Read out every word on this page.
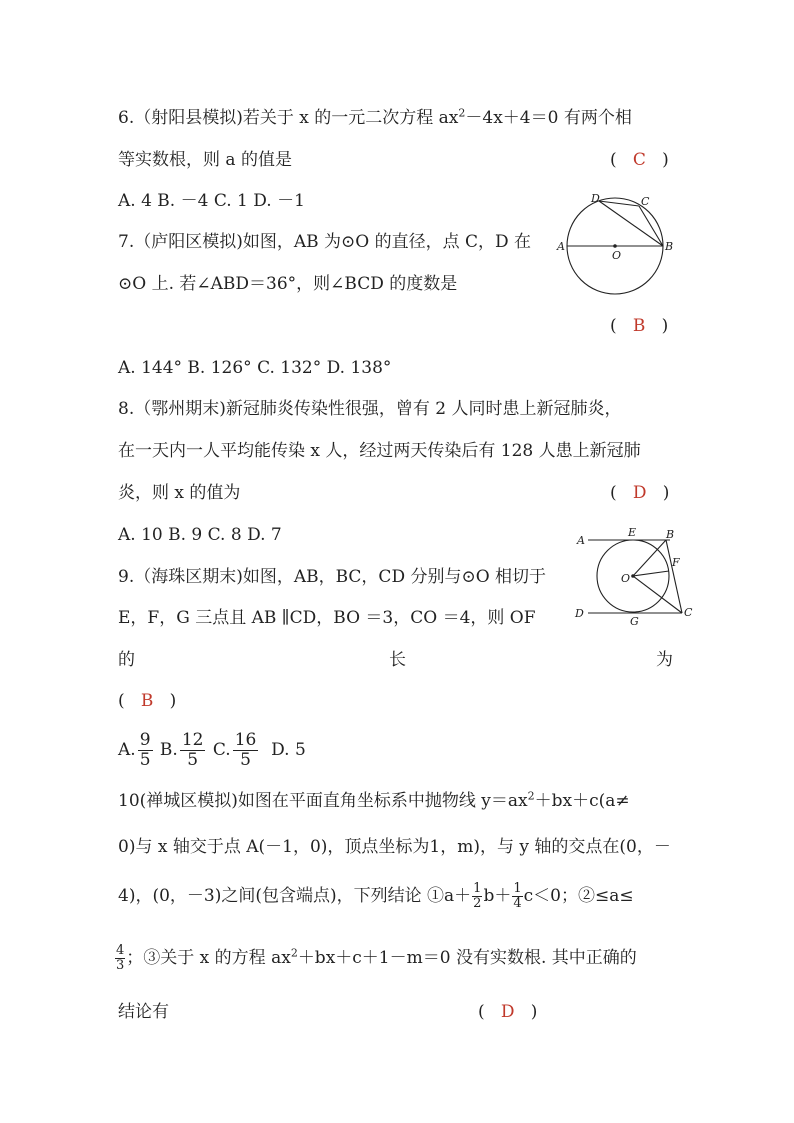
6.（射阳县模拟)若关于 x 的一元二次方程 $ax^2-4x+4=0$ 有两个相
等实数根，则 a 的值是	( C )
A. 4 B. －4 C. 1 D. －1
7.（庐阳区模拟)如图，AB 为⊙O 的直径，点 C，D 在
⊙O 上. 若∠ABD＝36°，则∠BCD 的度数是
( B )
A. 144° B. 126° C. 132° D. 138°
D	C
A
O
B
8.（鄂州期末)新冠肺炎传染性很强，曾有 2 人同时患上新冠肺炎，
在一天内一人平均能传染 x 人，经过两天传染后有 128 人患上新冠肺
炎，则 x 的值为	( D )
A. 10 B. 9 C. 8 D. 7
9.（海珠区期末)如图，AB，BC，CD 分别与⊙O 相切于
E，F，G 三点且 AB ∥CD，BO ＝3，CO ＝4，则 OF
的	长	为
( B )
A. $\frac{9}{5} B$. $\frac{12}{5} C$. $\frac{16}{5} D$. 5
A
E	B
F
O
D
G
C
10(禅城区模拟)如图在平面直角坐标系中抛物线 $y=ax^2+bx+c(a\ne$
0)与 x 轴交于点 A(－1，0)，顶点坐标为1，m)，与 y 轴的交点在(0，－
4)，(0，－3)之间(包含端点)，下列结论 ①a＋ $\frac{1}{2} b+ \frac{1}{4} c<0$；②≤a≤
$\frac{4}{3}$ ；③关于 x 的方程 $ax^2+bx+c+1-m=0$ 没有实数根. 其中正确的
结论有	( D )
